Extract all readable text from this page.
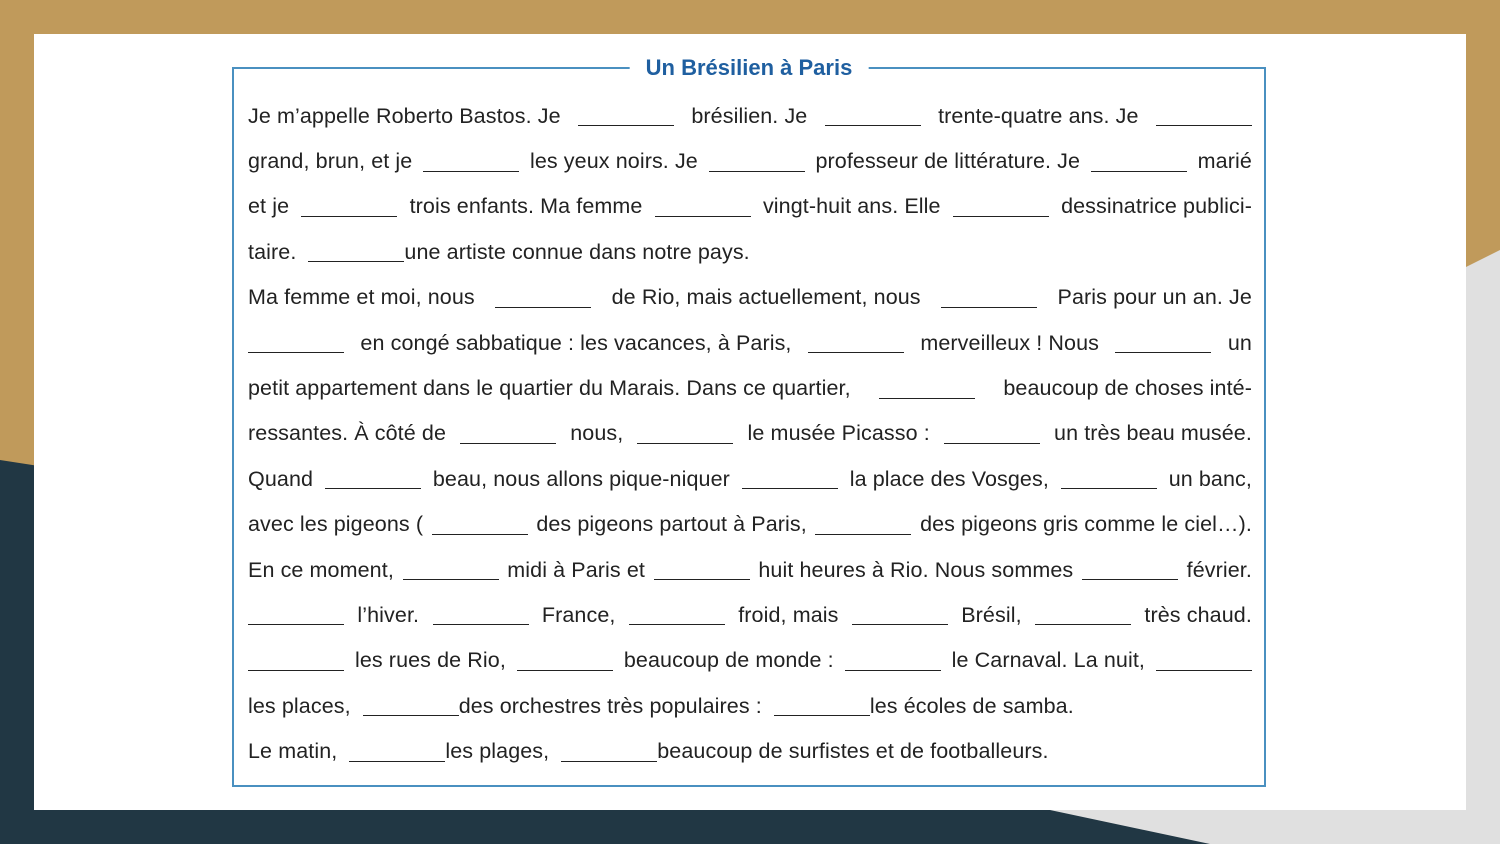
Un Brésilien à Paris
Je m’appelle Roberto Bastos. Je	brésilien. Je	trente-quatre ans. Je
grand, brun, et je	les yeux noirs. Je	professeur de littérature. Je	marié
et je	trois enfants. Ma femme	vingt-huit ans. Elle	dessinatrice publici-
taire.	une artiste connue dans notre pays.
Ma femme et moi, nous	de Rio, mais actuellement, nous	Paris pour un an. Je
en congé sabbatique : les vacances, à Paris,	merveilleux ! Nous	un
petit appartement dans le quartier du Marais. Dans ce quartier,	beaucoup de choses inté-
ressantes. À côté de	nous,	le musée Picasso :	un très beau musée.
Quand	beau, nous allons pique-niquer	la place des Vosges,	un banc,
avec les pigeons (	des pigeons partout à Paris,	des pigeons gris comme le ciel…).
En ce moment,	midi à Paris et	huit heures à Rio. Nous sommes	février.
l’hiver.	France,	froid, mais	Brésil,	très chaud.
les rues de Rio,	beaucoup de monde :	le Carnaval. La nuit,
les places,	des orchestres très populaires :	les écoles de samba.
Le matin,	les plages,	beaucoup de surfistes et de footballeurs.
